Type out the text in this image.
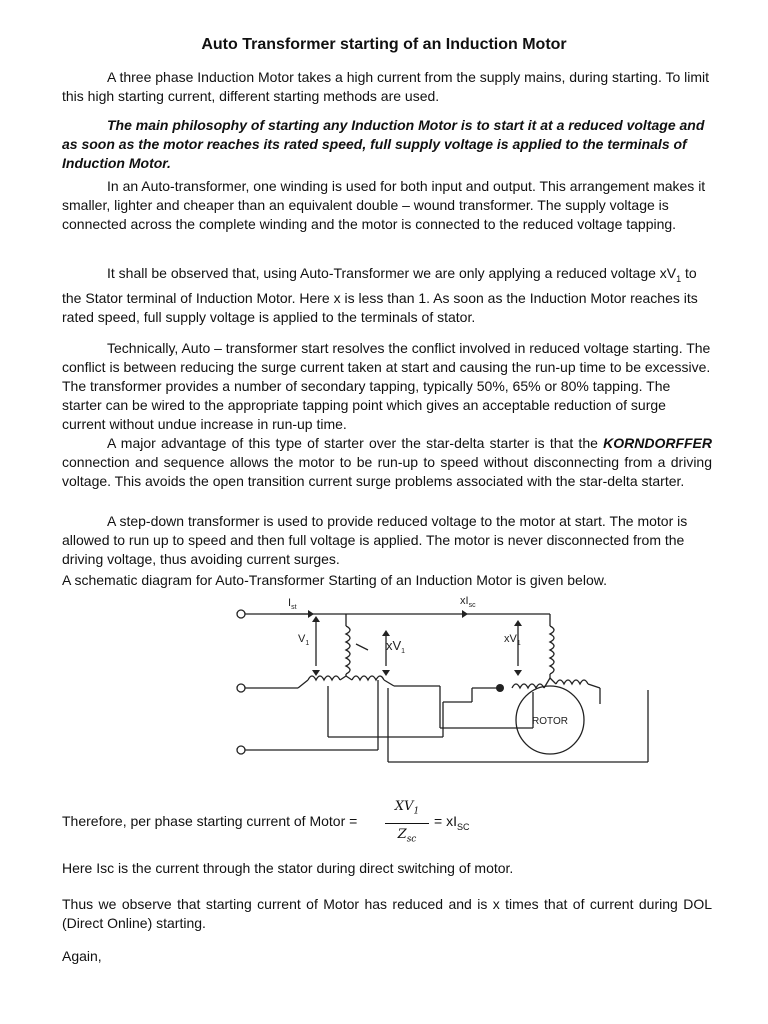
Auto Transformer starting of an Induction Motor

A three phase Induction Motor takes a high current from the supply mains, during starting. To limit this high starting current, different starting methods are used.

The main philosophy of starting any Induction Motor is to start it at a reduced voltage and as soon as the motor reaches its rated speed, full supply voltage is applied to the terminals of Induction Motor.

In an Auto-transformer, one winding is used for both input and output. This arrangement makes it smaller, lighter and cheaper than an equivalent double – wound transformer. The supply voltage is connected across the complete winding and the motor is connected to the reduced voltage tapping.

It shall be observed that, using Auto-Transformer we are only applying a reduced voltage $xV_1$ to the Stator terminal of Induction Motor. Here x is less than 1. As soon as the Induction Motor reaches its rated speed, full supply voltage is applied to the terminals of stator.

Technically, Auto – transformer start resolves the conflict involved in reduced voltage starting. The conflict is between reducing the surge current taken at start and causing the run-up time to be excessive. The transformer provides a number of secondary tapping, typically 50%, 65% or 80% tapping. The starter can be wired to the appropriate tapping point which gives an acceptable reduction of surge current without undue increase in run-up time.

A major advantage of this type of starter over the star-delta starter is that the KORNDORFFER connection and sequence allows the motor to be run-up to speed without disconnecting from a driving voltage. This avoids the open transition current surge problems associated with the star-delta starter.

A step-down transformer is used to provide reduced voltage to the motor at start. The motor is allowed to run up to speed and then full voltage is applied. The motor is never disconnected from the driving voltage, thus avoiding current surges.

A schematic diagram for Auto-Transformer Starting of an Induction Motor is given below.

$I_{st}$
$xI_{sc}$
$V_1$	$xV_1$
$xV_1$
ROTOR
Therefore, per phase starting current of Motor =
$XV_1$
$Z_{sc}$
= $xI_{SC}$

Here Isc is the current through the stator during direct switching of motor.

Thus we observe that starting current of Motor has reduced and is x times that of current during DOL (Direct Online) starting.

Again,
